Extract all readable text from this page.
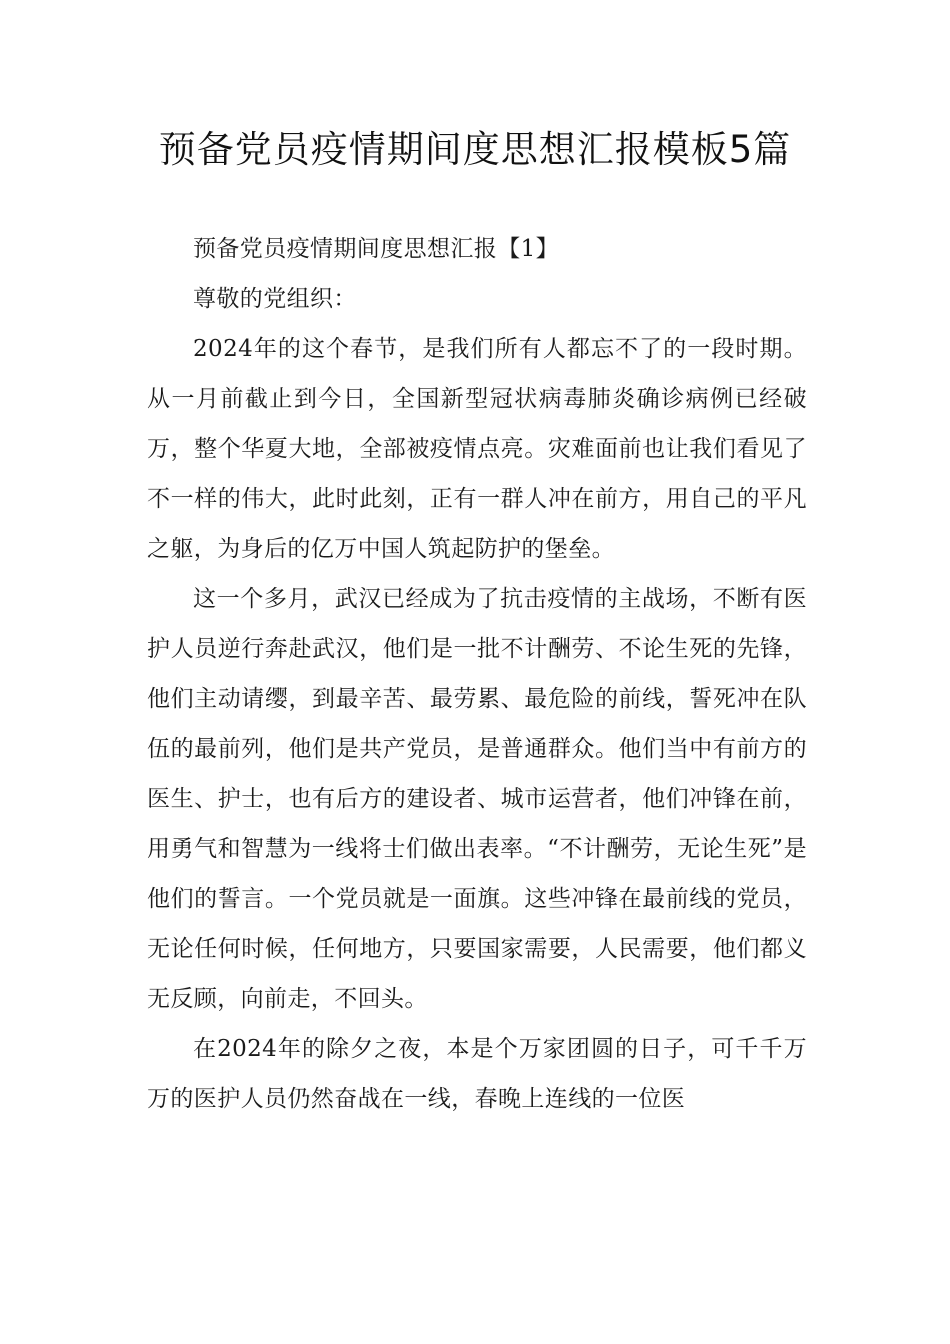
预备党员疫情期间度思想汇报模板5篇

预备党员疫情期间度思想汇报【1】

尊敬的党组织：

2024年的这个春节，是我们所有人都忘不了的一段时期。从一月前截止到今日，全国新型冠状病毒肺炎确诊病例已经破万，整个华夏大地，全部被疫情点亮。灾难面前也让我们看见了不一样的伟大，此时此刻，正有一群人冲在前方，用自己的平凡之躯，为身后的亿万中国人筑起防护的堡垒。

这一个多月，武汉已经成为了抗击疫情的主战场，不断有医护人员逆行奔赴武汉，他们是一批不计酬劳、不论生死的先锋，他们主动请缨，到最辛苦、最劳累、最危险的前线，誓死冲在队伍的最前列，他们是共产党员，是普通群众。他们当中有前方的医生、护士，也有后方的建设者、城市运营者，他们冲锋在前，用勇气和智慧为一线将士们做出表率。“不计酬劳，无论生死”是他们的誓言。一个党员就是一面旗。这些冲锋在最前线的党员，无论任何时候，任何地方，只要国家需要，人民需要，他们都义无反顾，向前走，不回头。

在2024年的除夕之夜，本是个万家团圆的日子，可千千万万的医护人员仍然奋战在一线，春晚上连线的一位医
